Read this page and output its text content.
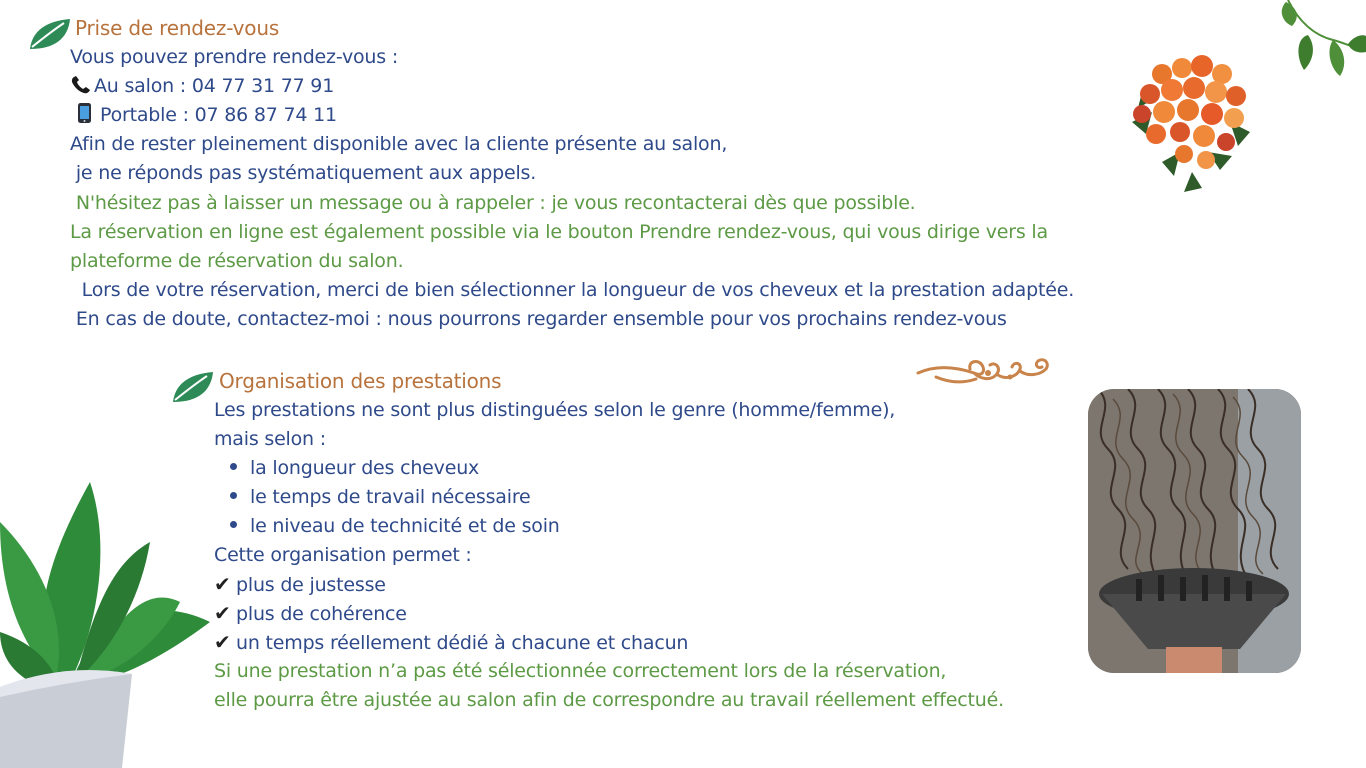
Prise de rendez-vous
Vous pouvez prendre rendez-vous :
Au salon : 04 77 31 77 91
Portable : 07 86 87 74 11
Afin de rester pleinement disponible avec la cliente présente au salon,
je ne réponds pas systématiquement aux appels.
N'hésitez pas à laisser un message ou à rappeler : je vous recontacterai dès que possible.
La réservation en ligne est également possible via le bouton Prendre rendez-vous, qui vous dirige vers la
plateforme de réservation du salon.
Lors de votre réservation, merci de bien sélectionner la longueur de vos cheveux et la prestation adaptée.
En cas de doute, contactez-moi : nous pourrons regarder ensemble pour vos prochains rendez-vous
Organisation des prestations
Les prestations ne sont plus distinguées selon le genre (homme/femme),
mais selon :
la longueur des cheveux
le temps de travail nécessaire
le niveau de technicité et de soin
Cette organisation permet :
✔ plus de justesse
✔ plus de cohérence
✔ un temps réellement dédié à chacune et chacun
Si une prestation n’a pas été sélectionnée correctement lors de la réservation,
elle pourra être ajustée au salon afin de correspondre au travail réellement effectué.
